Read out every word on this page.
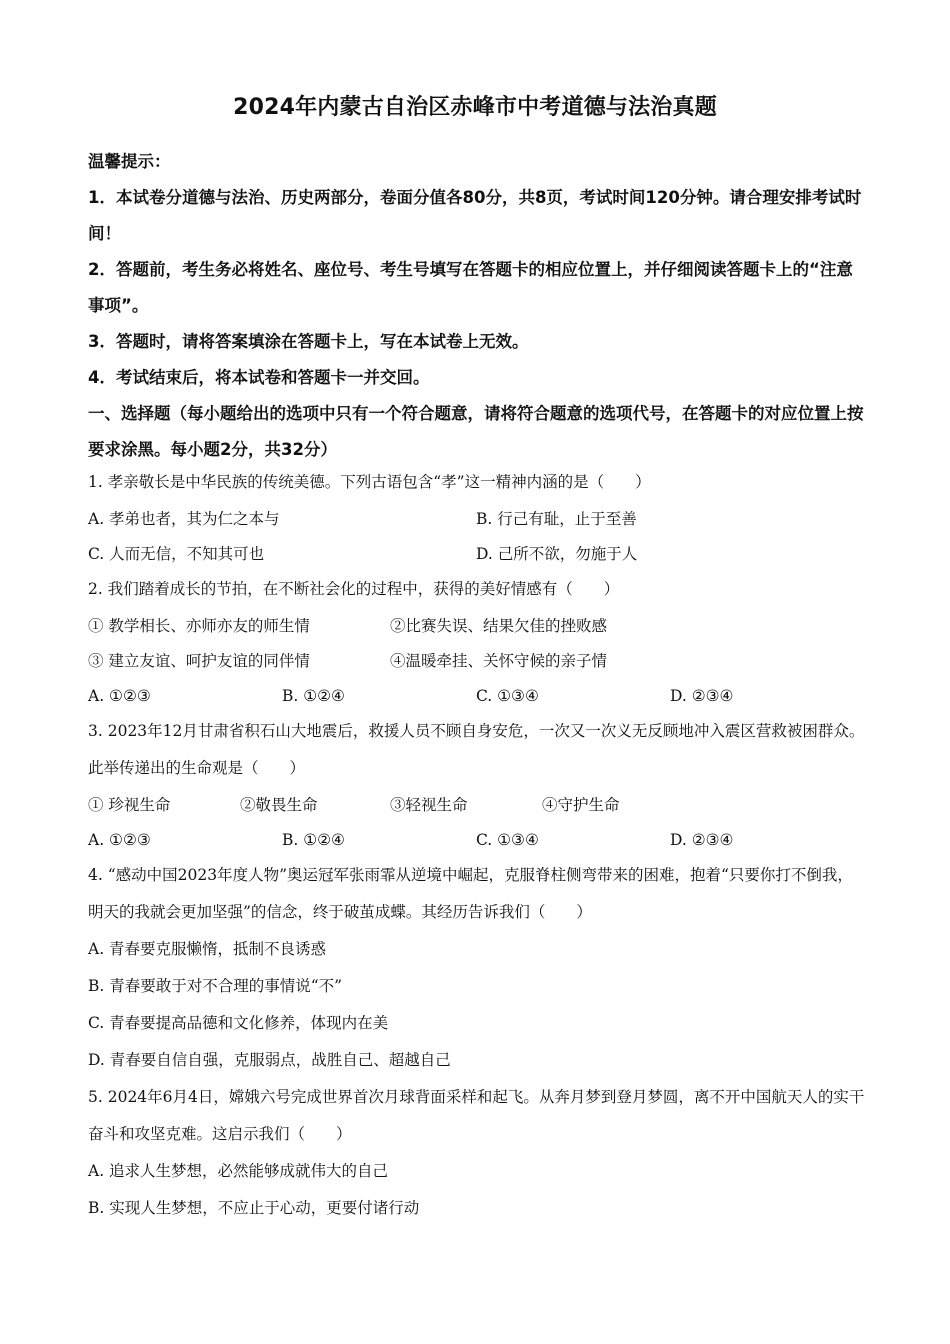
2024年内蒙古自治区赤峰市中考道德与法治真题

温馨提示：

1．本试卷分道德与法治、历史两部分，卷面分值各80分，共8页，考试时间120分钟。请合理安排考试时间！

2．答题前，考生务必将姓名、座位号、考生号填写在答题卡的相应位置上，并仔细阅读答题卡上的“注意事项”。

3．答题时，请将答案填涂在答题卡上，写在本试卷上无效。

4．考试结束后，将本试卷和答题卡一并交回。

一、选择题（每小题给出的选项中只有一个符合题意，请将符合题意的选项代号，在答题卡的对应位置上按要求涂黑。每小题2分，共32分）

1. 孝亲敬长是中华民族的传统美德。下列古语包含“孝”这一精神内涵的是（　　）

A. 孝弟也者，其为仁之本与	B. 行己有耻，止于至善
C. 人而无信，不知其可也	D. 己所不欲，勿施于人

2. 我们踏着成长的节拍，在不断社会化的过程中，获得的美好情感有（　　）

① 教学相长、亦师亦友的师生情	②比赛失误、结果欠佳的挫败感
③ 建立友谊、呵护友谊的同伴情	④温暖牵挂、关怀守候的亲子情
A. ①②③	B. ①②④	C. ①③④	D. ②③④

3. 2023年12月甘肃省积石山大地震后，救援人员不顾自身安危，一次又一次义无反顾地冲入震区营救被困群众。此举传递出的生命观是（　　）

① 珍视生命	②敬畏生命	③轻视生命	④守护生命
A. ①②③	B. ①②④	C. ①③④	D. ②③④

4. “感动中国2023年度人物”奥运冠军张雨霏从逆境中崛起，克服脊柱侧弯带来的困难，抱着“只要你打不倒我，明天的我就会更加坚强”的信念，终于破茧成蝶。其经历告诉我们（　　）

A. 青春要克服懒惰，抵制不良诱惑

B. 青春要敢于对不合理的事情说“不”

C. 青春要提高品德和文化修养，体现内在美

D. 青春要自信自强，克服弱点，战胜自己、超越自己

5. 2024年6月4日，嫦娥六号完成世界首次月球背面采样和起飞。从奔月梦到登月梦圆，离不开中国航天人的实干奋斗和攻坚克难。这启示我们（　　）

A. 追求人生梦想，必然能够成就伟大的自己

B. 实现人生梦想，不应止于心动，更要付诸行动
